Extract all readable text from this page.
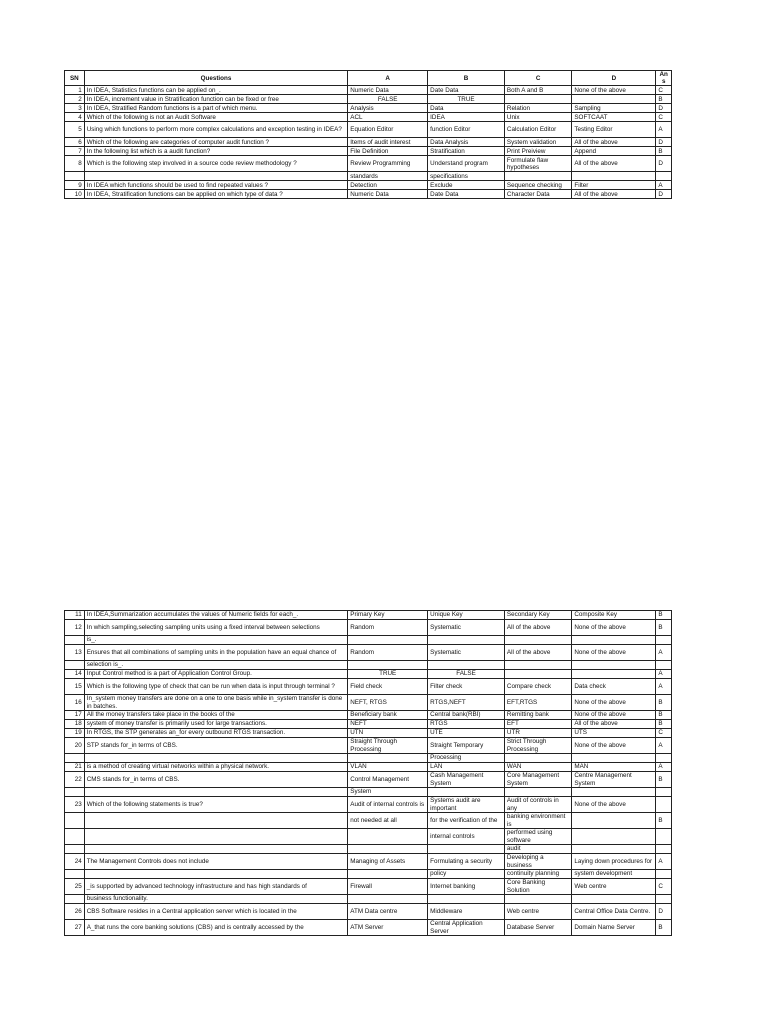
SN	Questions	A	B	C	D	Ans
1	In IDEA, Statistics functions can be applied on_.	Numeric Data	Date Data	Both A and B	None of the above	C
2	In IDEA, increment value in Stratification function can be fixed or free	FALSE	TRUE			B
3	In IDEA, Stratified Random functions is a part of which menu.	Analysis	Data	Relation	Sampling	D
4	Which of the following is not an Audit Software	ACL	IDEA	Unix	SOFTCAAT	C
5	Using which functions to perform more complex calculations and exception testing in IDEA?	Equation Editor	function Editor	Calculation Editor	Testing Editor	A
6	Which of the following are categories of computer audit function ?	Items of audit interest	Data Analysis	System validation	All of the above	D
7	In the following list which is a audit function?	File Definition	Stratification	Print Preiview	Append	B
8	Which is the following step involved in a source code review methodology ?	Review Programming	Understand program	Formulate flaw hypotheses	All of the above	D
		standards	specifications			
9	In IDEA which functions should be used to find repeated values ?	Detection	Exclude	Sequence checking	Filter	A
10	In IDEA, Stratification functions can be applied on which type of data ?	Numeric Data	Date Data	Character Data	All of the above	D
11	In IDEA,Summarization accumulates the values of Numeric fields for each_.	Primary Key	Unique Key	Secondary Key	Composite Key	B
12	In which sampling,selecting sampling units using a fixed interval between selections	Random	Systematic	All of the above	None of the above	B
	is_.					
13	Ensures that all combinations of sampling units in the population have an equal chance of	Random	Systematic	All of the above	None of the above	A
	selection is_.					
14	Input Control method is a part of Application Control Group.	TRUE	FALSE			A
15	Which is the following type of check that can be run when data is input through terminal ?	Field check	Filter check	Compare check	Data check	A
16	In_system money transfers are done on a one to one basis while in_system transfer is done in batches.	NEFT, RTGS	RTGS,NEFT	EFT,RTGS	None of the above	B
17	All the money transfers take place in the books of the	Beneficiary bank	Central bank(RBI)	Remitting bank	None of the above	B
18	system of money transfer is primarily used for large transactions.	NEFT	RTGS	EFT	All of the above	B
19	In RTGS, the STP generates an_for every outbound RTGS transaction.	UTN	UTE	UTR	UTS	C
20	STP stands for_in terms of CBS.	Straight Through Processing	Straight Temporary	Strict Through Processing	None of the above	A
			Processing			
21	is a method of creating virtual networks within a physical network.	VLAN	LAN	WAN	MAN	A
22	CMS stands for_in terms of CBS.	Control Management	Cash Management System	Core Management System	Centre Management System	B
		System				
23	Which of the following statements is true?	Audit of internal controls is	Systems audit are important	Audit of controls in any	None of the above	
		not needed at all	for the verification of the	banking environment is		B
			internal controls	performed using software		
				audit		
24	The Management Controls does not include	Managing of Assets	Formulating a security	Developing a business	Laying down procedures for	A
			policy	continuity planning	system development	
25	_is supported by advanced technology infrastructure and has high standards of	Firewall	Internet banking	Core Banking Solution	Web centre	C
	business functionality.					
26	CBS Software resides in a Central application server which is located in the	ATM Data centre	Middleware	Web centre	Central Office Data Centre.	D
27	A_that runs the core banking solutions (CBS) and is centrally accessed by the	ATM Server	Central Application Server	Database Server	Domain Name Server	B
